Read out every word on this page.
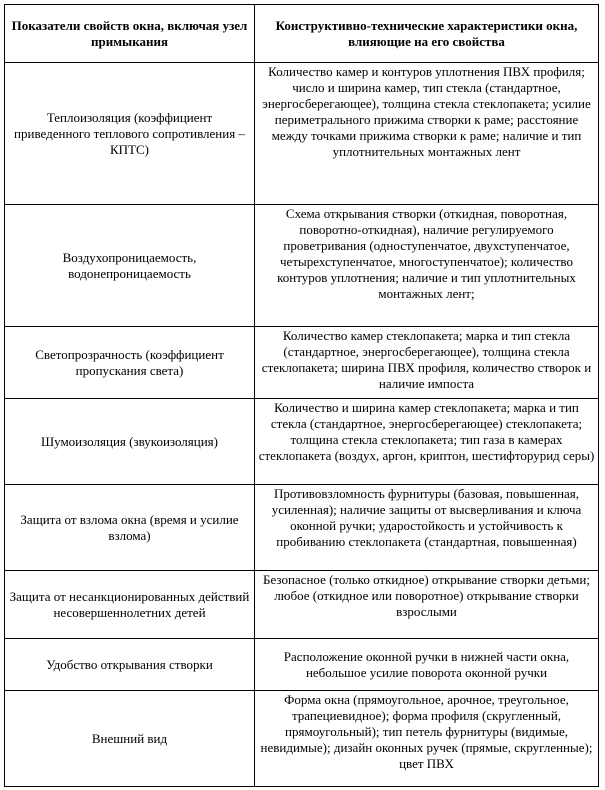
Показатели свойств окна, включая узел примыкания	Конструктивно-технические характеристики окна, влияющие на его свойства
Теплоизоляция (коэффициент приведенного теплового сопротивления – КПТС)	Количество камер и контуров уплотнения ПВХ профиля; число и ширина камер, тип стекла (стандартное, энергосберегающее), толщина стекла стеклопакета; усилие периметрального прижима створки к раме; расстояние между точками прижима створки к раме; наличие и тип уплотнительных монтажных лент
Воздухопроницаемость, водонепроницаемость	Схема открывания створки (откидная, поворотная, поворотно-откидная), наличие регулируемого проветривания (одноступенчатое, двухступенчатое, четырехступенчатое, многоступенчатое); количество контуров уплотнения; наличие и тип уплотнительных монтажных лент;
Светопрозрачность (коэффициент пропускания света)	Количество камер стеклопакета; марка и тип стекла (стандартное, энергосберегающее), толщина стекла стеклопакета; ширина ПВХ профиля, количество створок и наличие импоста
Шумоизоляция (звукоизоляция)	Количество и ширина камер стеклопакета; марка и тип стекла (стандартное, энергосберегающее) стеклопакета; толщина стекла стеклопакета; тип газа в камерах стеклопакета (воздух, аргон, криптон, шестифторурид серы)
Защита от взлома окна (время и усилие взлома)	Противовзломность фурнитуры (базовая, повышенная, усиленная); наличие защиты от высверливания и ключа оконной ручки; ударостойкость и устойчивость к пробиванию стеклопакета (стандартная, повышенная)
Защита от несанкционированных действий несовершеннолетних детей	Безопасное (только откидное) открывание створки детьми; любое (откидное или поворотное) открывание створки взрослыми
Удобство открывания створки	Расположение оконной ручки в нижней части окна, небольшое усилие поворота оконной ручки
Внешний вид	Форма окна (прямоугольное, арочное, треугольное, трапециевидное); форма профиля (скругленный, прямоугольный); тип петель фурнитуры (видимые, невидимые); дизайн оконных ручек (прямые, скругленные); цвет ПВХ
